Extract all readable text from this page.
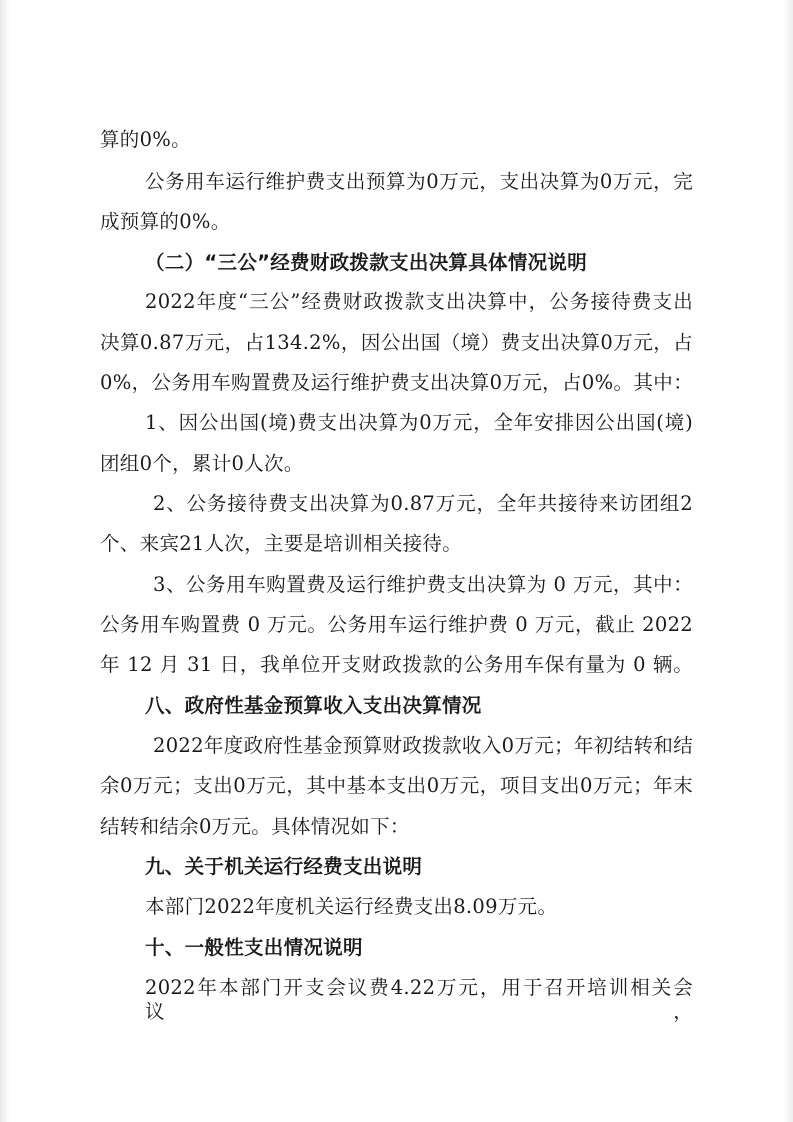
算的0%。
公务用车运行维护费支出预算为0万元，支出决算为0万元，完
成预算的0%。
（二）“三公”经费财政拨款支出决算具体情况说明
2022年度“三公”经费财政拨款支出决算中，公务接待费支出
决算0.87万元，占134.2%，因公出国（境）费支出决算0万元，占
0%，公务用车购置费及运行维护费支出决算0万元，占0%。其中：
1、因公出国(境)费支出决算为0万元，全年安排因公出国(境)
团组0个，累计0人次。
2、公务接待费支出决算为0.87万元，全年共接待来访团组2
个、来宾21人次，主要是培训相关接待。
3、公务用车购置费及运行维护费支出决算为 0 万元，其中：
公务用车购置费 0 万元。公务用车运行维护费 0 万元，截止 2022
年 12 月 31 日，我单位开支财政拨款的公务用车保有量为 0 辆。
八、政府性基金预算收入支出决算情况
2022年度政府性基金预算财政拨款收入0万元；年初结转和结
余0万元；支出0万元，其中基本支出0万元，项目支出0万元；年末
结转和结余0万元。具体情况如下：
九、关于机关运行经费支出说明
本部门2022年度机关运行经费支出8.09万元。
十、一般性支出情况说明
2022年本部门开支会议费4.22万元，用于召开培训相关会议，
